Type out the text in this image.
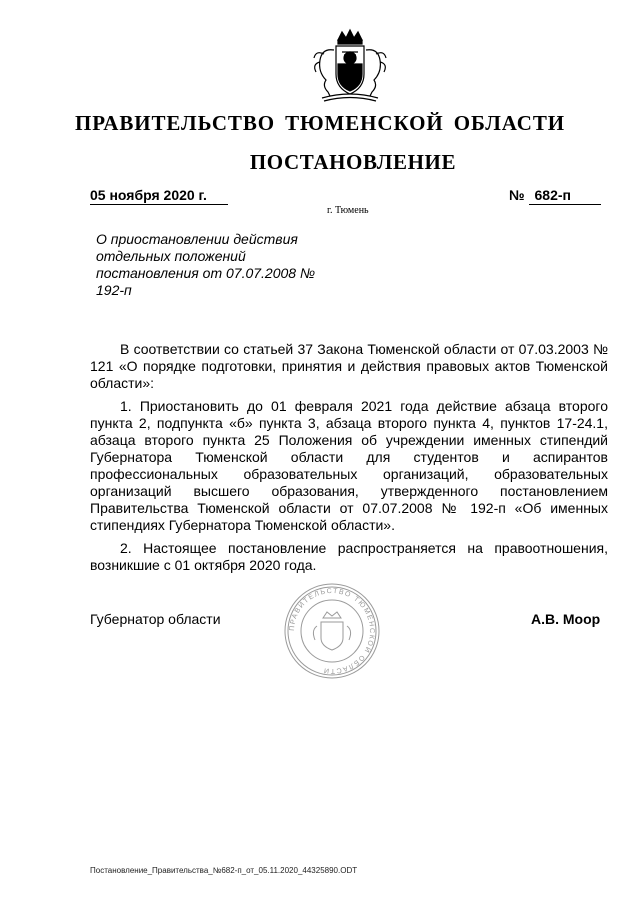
ПРАВИТЕЛЬСТВО ТЮМЕНСКОЙ ОБЛАСТИ
ПОСТАНОВЛЕНИЕ
05 ноября 2020 г.	№ 682-п
г. Тюмень
О приостановлении действия отдельных положений постановления от 07.07.2008 № 192-п

В соответствии со статьей 37 Закона Тюменской области от 07.03.2003 № 121 «О порядке подготовки, принятия и действия правовых актов Тюменской области»:

1. Приостановить до 01 февраля 2021 года действие абзаца второго пункта 2, подпункта «б» пункта 3, абзаца второго пункта 4, пунктов 17-24.1, абзаца второго пункта 25 Положения об учреждении именных стипендий Губернатора Тюменской области для студентов и аспирантов профессиональных образовательных организаций, образовательных организаций высшего образования, утвержденного постановлением Правительства Тюменской области от 07.07.2008 № 192-п «Об именных стипендиях Губернатора Тюменской области».

2. Настоящее постановление распространяется на правоотношения, возникшие с 01 октября 2020 года.

Губернатор области
ПРАВИТЕЛЬСТВО ТЮМЕНСКОЙ ОБЛАСТИ
А.В. Моор
Постановление_Правительства_№682-п_от_05.11.2020_44325890.ODT
